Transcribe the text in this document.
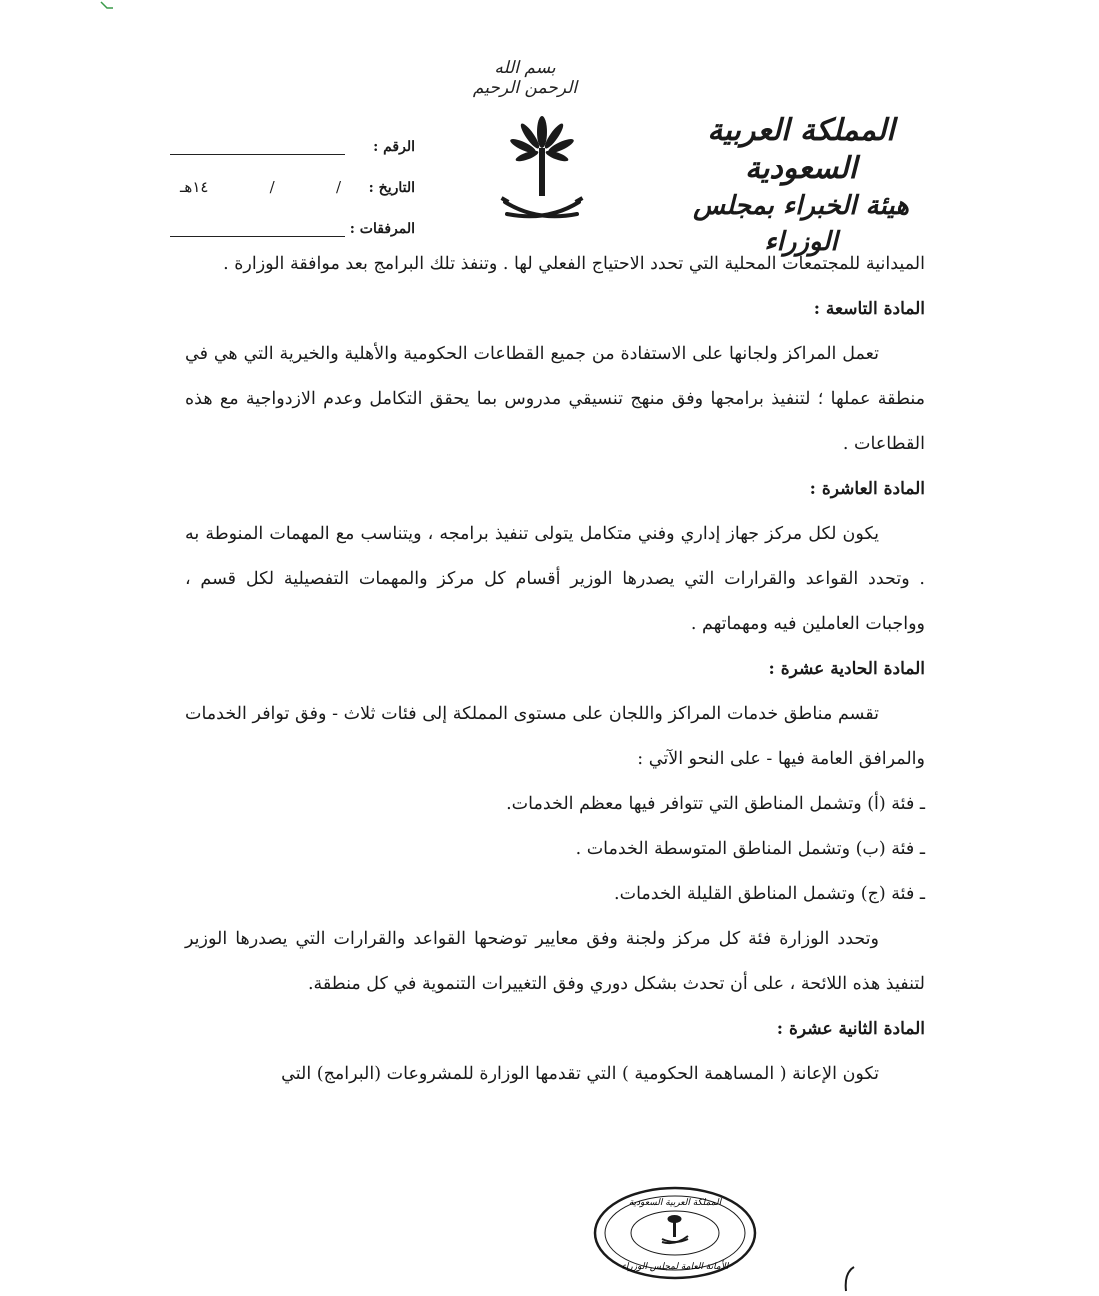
بسم الله الرحمن الرحيم
المملكة العربية السعودية
هيئة الخبراء بمجلس الوزراء
الرقم :
التاريخ :
/
/
١٤هـ
المرفقات :

الميدانية للمجتمعات المحلية التي تحدد الاحتياج الفعلي لها . وتنفذ تلك البرامج بعد موافقة الوزارة .

المادة التاسعة :

تعمل المراكز ولجانها على الاستفادة من جميع القطاعات الحكومية والأهلية والخيرية التي هي في منطقة عملها ؛ لتنفيذ برامجها وفق منهج تنسيقي مدروس بما يحقق التكامل وعدم الازدواجية مع هذه القطاعات .

المادة العاشرة :

يكون لكل مركز جهاز إداري وفني متكامل يتولى تنفيذ برامجه ، ويتناسب مع المهمات المنوطة به . وتحدد القواعد والقرارات التي يصدرها الوزير أقسام كل مركز والمهمات التفصيلية لكل قسم ، وواجبات العاملين فيه ومهماتهم .

المادة الحادية عشرة :

تقسم مناطق خدمات المراكز واللجان على مستوى المملكة إلى فئات ثلاث - وفق توافر الخدمات والمرافق العامة فيها - على النحو الآتي :

ـ فئة (أ) وتشمل المناطق التي تتوافر فيها معظم الخدمات.

ـ فئة (ب) وتشمل المناطق المتوسطة الخدمات .

ـ فئة (ج) وتشمل المناطق القليلة الخدمات.

وتحدد الوزارة فئة كل مركز ولجنة وفق معايير توضحها القواعد والقرارات التي يصدرها الوزير لتنفيذ هذه اللائحة ، على أن تحدث بشكل دوري وفق التغييرات التنموية في كل منطقة.

المادة الثانية عشرة :

تكون الإعانة ( المساهمة الحكومية ) التي تقدمها الوزارة للمشروعات (البرامج) التي

المملكة العربية السعودية
الأمانة العامة لمجلس الوزراء
